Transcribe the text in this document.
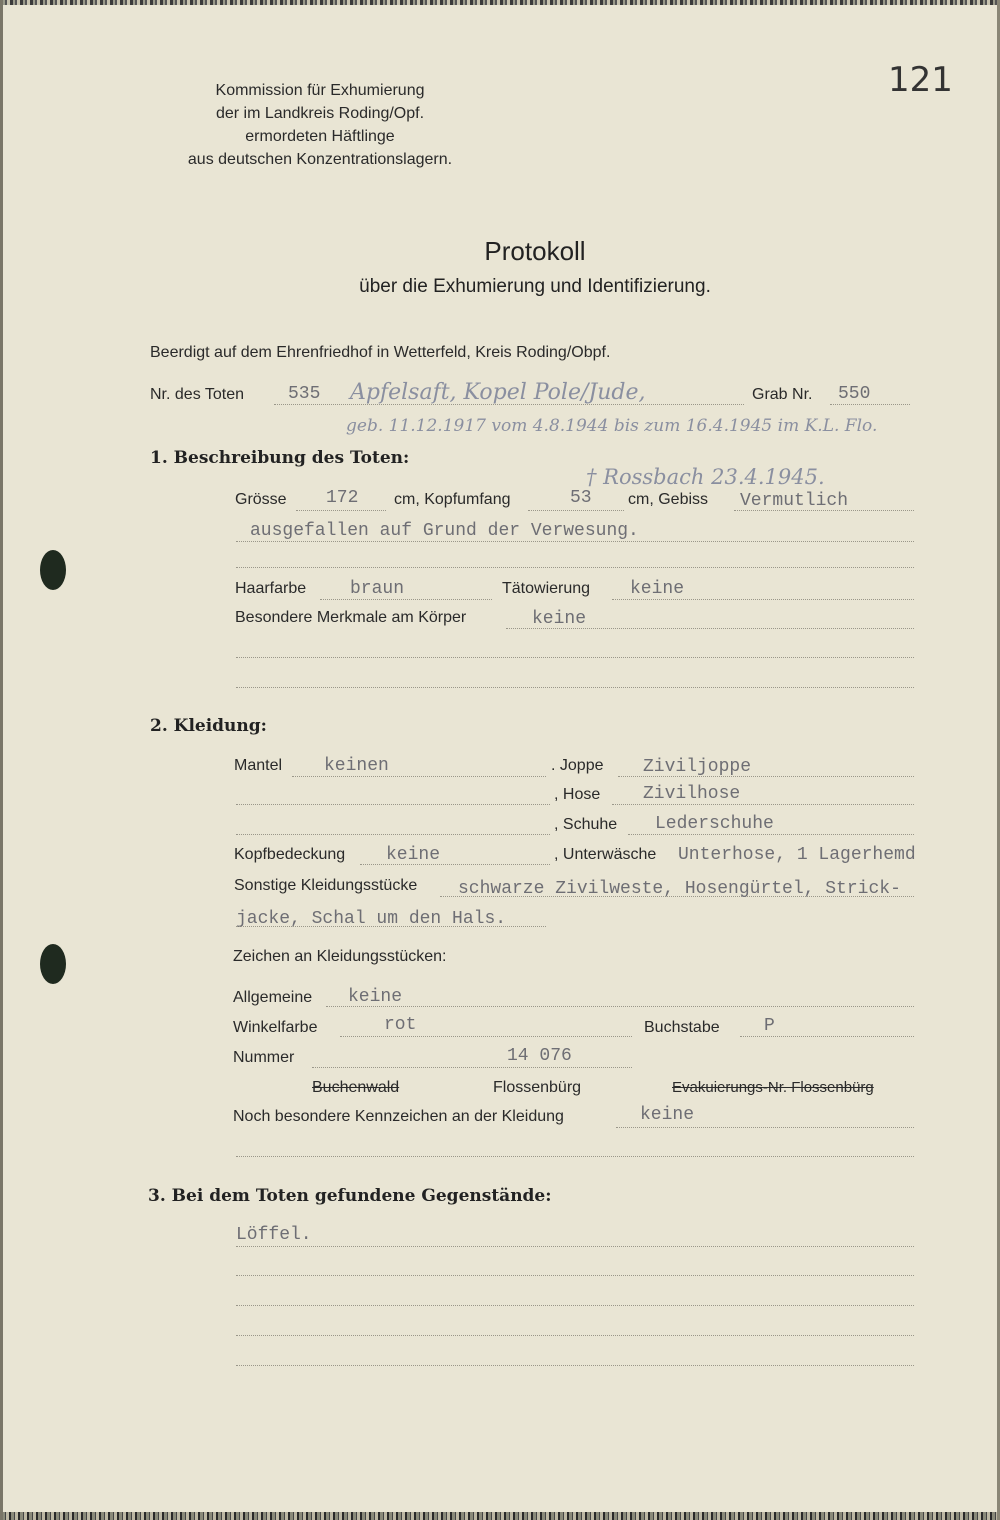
121
Kommission für Exhumierung
der im Landkreis Roding/Opf.
ermordeten Häftlinge
aus deutschen Konzentrationslagern.
Protokoll
über die Exhumierung und Identifizierung.
Beerdigt auf dem Ehrenfriedhof in Wetterfeld, Kreis Roding/Obpf.
Nr. des Toten 535 Apfelsaft, Kopel Pole/Jude,	Grab Nr. 550
geb. 11.12.1917 vom 4.8.1944 bis zum 16.4.1945 im K.L. Flo.
1. Beschreibung des Toten:
† Rossbach 23.4.1945.
Grösse 172 cm, Kopfumfang	53 cm, Gebiss Vermutlich
ausgefallen auf Grund der Verwesung.
Haarfarbe braun	Tätowierung keine
Besondere Merkmale am Körper	keine
2. Kleidung:
Mantel keinen	. Joppe Ziviljoppe
, Hose Zivilhose
, Schuhe Lederschuhe
Kopfbedeckung keine	, Unterwäsche Unterhose, 1 Lagerhemd
Sonstige Kleidungsstücke schwarze Zivilweste, Hosengürtel, Strick-
jacke, Schal um den Hals.
Zeichen an Kleidungsstücken:
Allgemeine keine
Winkelfarbe	rot	Buchstabe P
Nummer	14 076
Buchenwald	Flossenbürg	Evakuierungs-Nr. Flossenbürg
Noch besondere Kennzeichen an der Kleidung	keine
3. Bei dem Toten gefundene Gegenstände:
Löffel.
